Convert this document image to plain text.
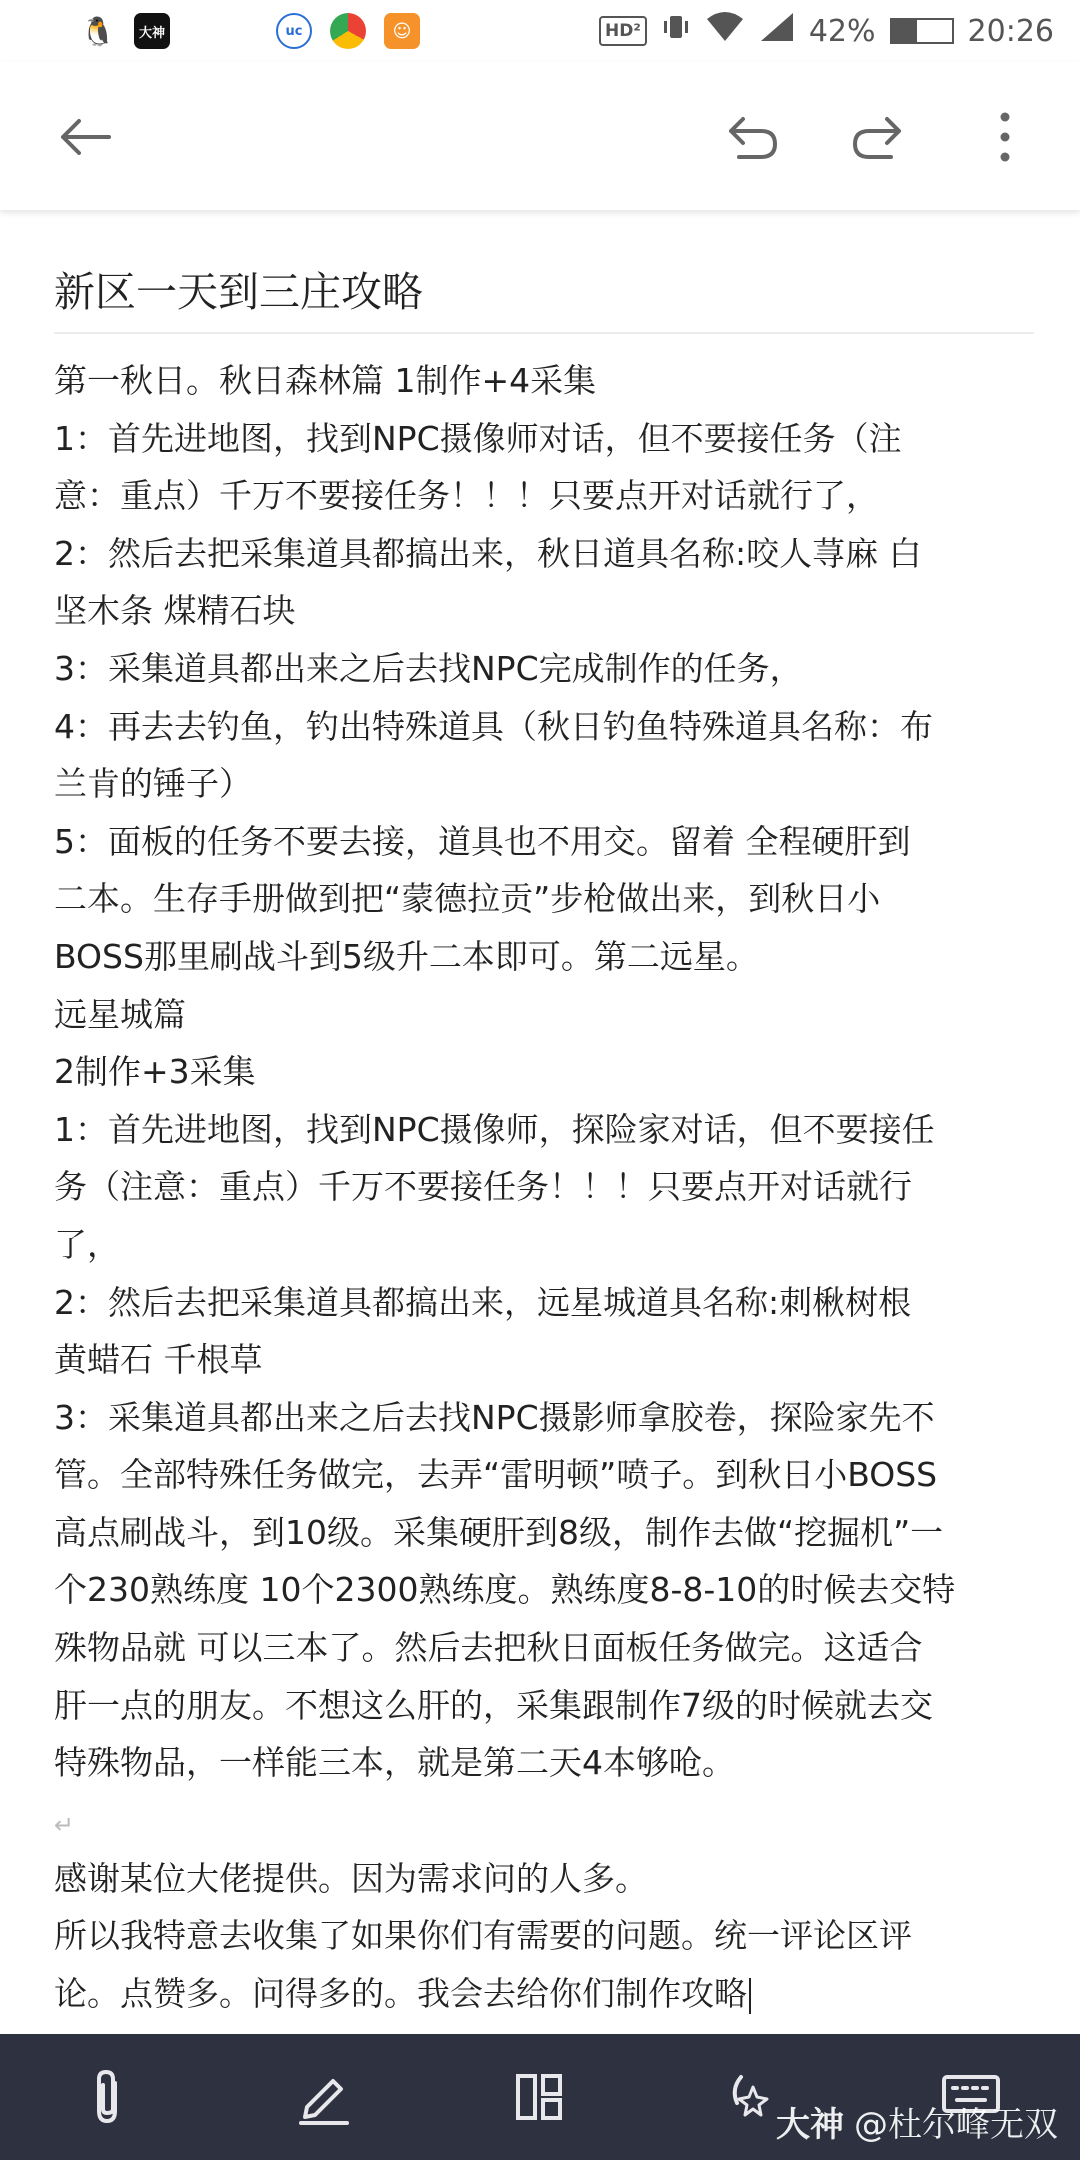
🐧	大神	uc	☺	HD²	42%	20:26
新区一天到三庄攻略
第一秋日。秋日森林篇 1制作+4采集
1：首先进地图，找到NPC摄像师对话，但不要接任务（注
意：重点）千万不要接任务！！！只要点开对话就行了，
2：然后去把采集道具都搞出来，秋日道具名称:咬人荨麻 白
坚木条 煤精石块
3：采集道具都出来之后去找NPC完成制作的任务，
4：再去去钓鱼，钓出特殊道具（秋日钓鱼特殊道具名称：布
兰肯的锤子）
5：面板的任务不要去接，道具也不用交。留着 全程硬肝到
二本。生存手册做到把“蒙德拉贡”步枪做出来，到秋日小
BOSS那里刷战斗到5级升二本即可。第二远星。
远星城篇
2制作+3采集
1：首先进地图，找到NPC摄像师，探险家对话，但不要接任
务（注意：重点）千万不要接任务！！！只要点开对话就行
了，
2：然后去把采集道具都搞出来，远星城道具名称:刺楸树根
黄蜡石 千根草
3：采集道具都出来之后去找NPC摄影师拿胶卷，探险家先不
管。全部特殊任务做完，去弄“雷明顿”喷子。到秋日小BOSS
高点刷战斗，到10级。采集硬肝到8级，制作去做“挖掘机”一
个230熟练度 10个2300熟练度。熟练度8-8-10的时候去交特
殊物品就 可以三本了。然后去把秋日面板任务做完。这适合
肝一点的朋友。不想这么肝的，采集跟制作7级的时候就去交
特殊物品，一样能三本，就是第二天4本够呛。
↵
感谢某位大佬提供。因为需求问的人多。
所以我特意去收集了如果你们有需要的问题。统一评论区评
论。点赞多。问得多的。我会去给你们制作攻略
大神 @杜尔峰无双
